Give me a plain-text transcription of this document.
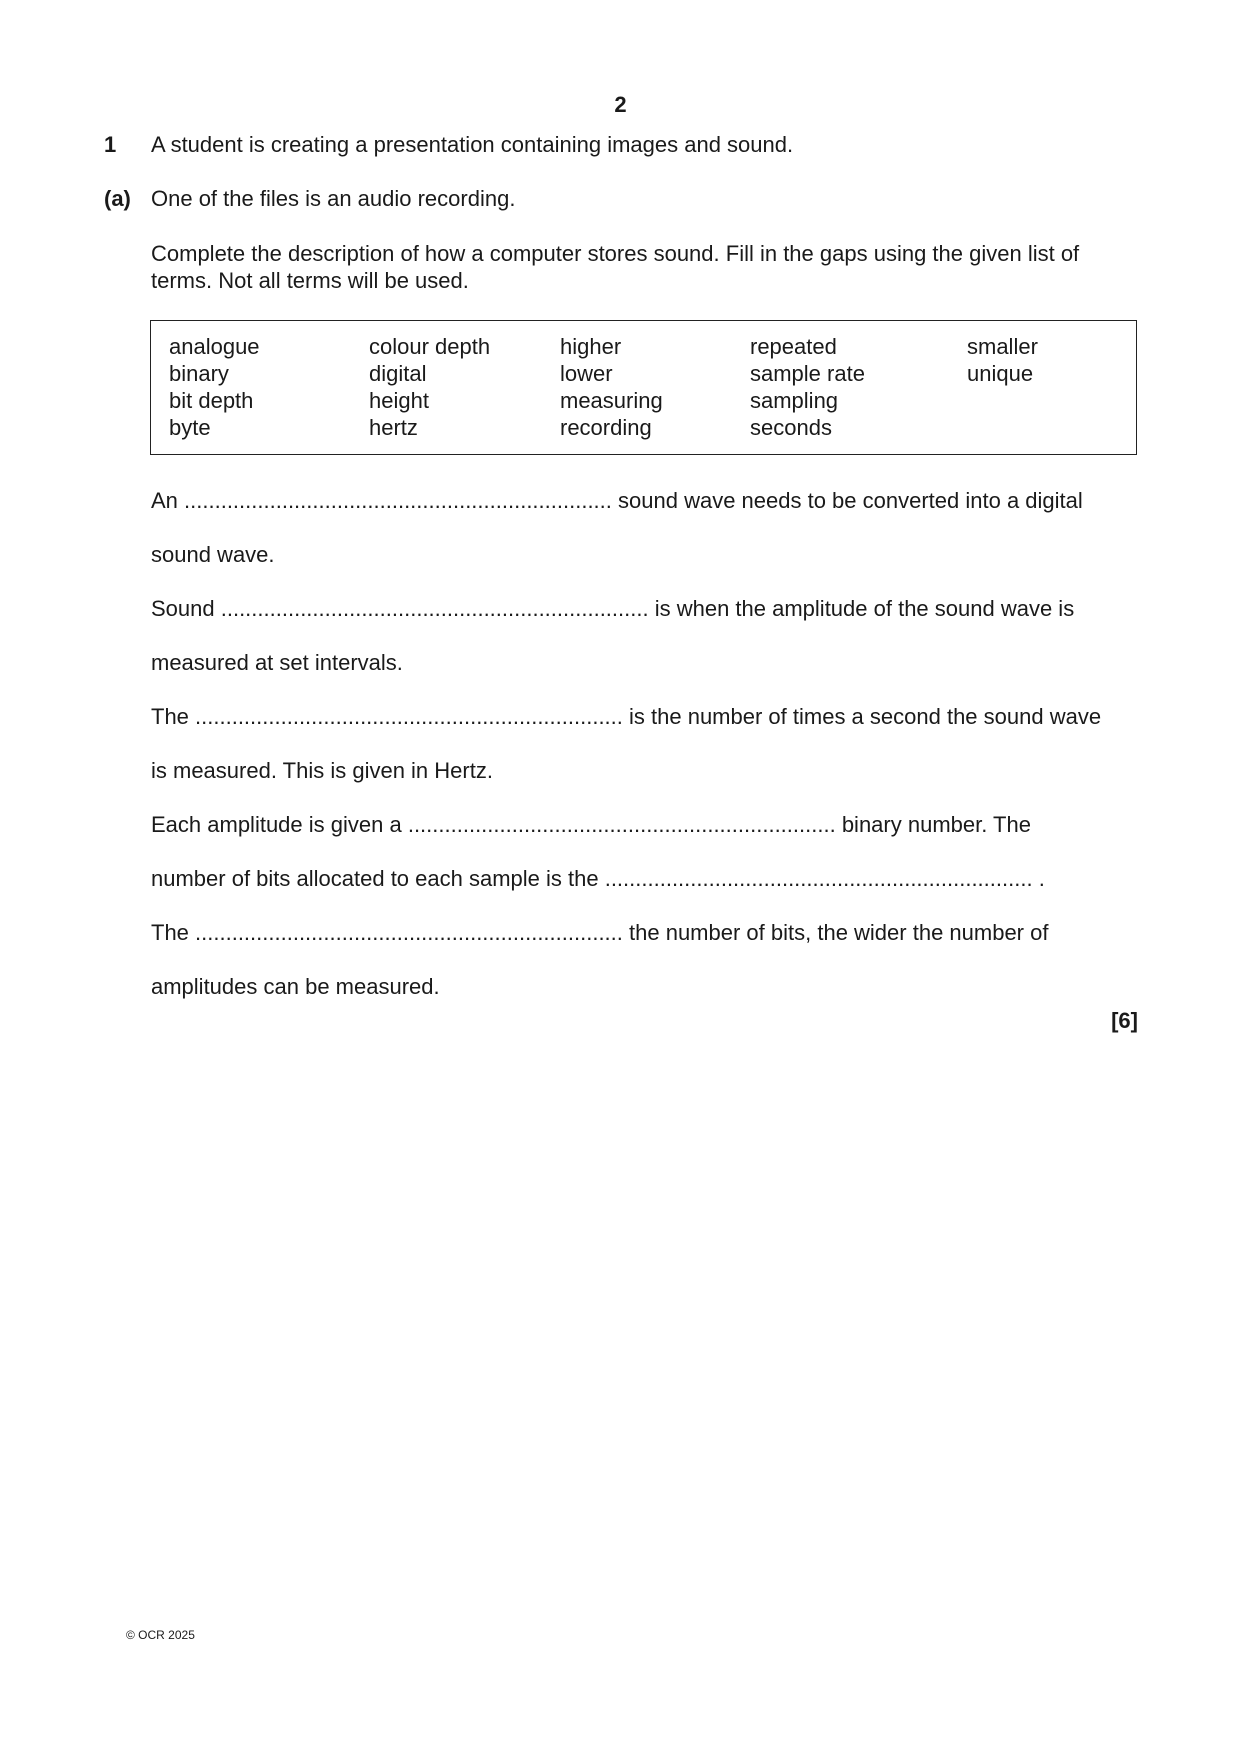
2
1 A student is creating a presentation containing images and sound.
(a) One of the files is an audio recording.
Complete the description of how a computer stores sound. Fill in the gaps using the given list of terms. Not all terms will be used.
analogue
binary
bit depth
byte
colour depth
digital
height
hertz
higher
lower
measuring
recording
repeated
sample rate
sampling
seconds
smaller
unique
An ...................................................................... sound wave needs to be converted into a digital
sound wave.
Sound ...................................................................... is when the amplitude of the sound wave is
measured at set intervals.
The ...................................................................... is the number of times a second the sound wave
is measured. This is given in Hertz.
Each amplitude is given a ...................................................................... binary number. The
number of bits allocated to each sample is the ...................................................................... .
The ...................................................................... the number of bits, the wider the number of
amplitudes can be measured.
[6]
© OCR 2025
